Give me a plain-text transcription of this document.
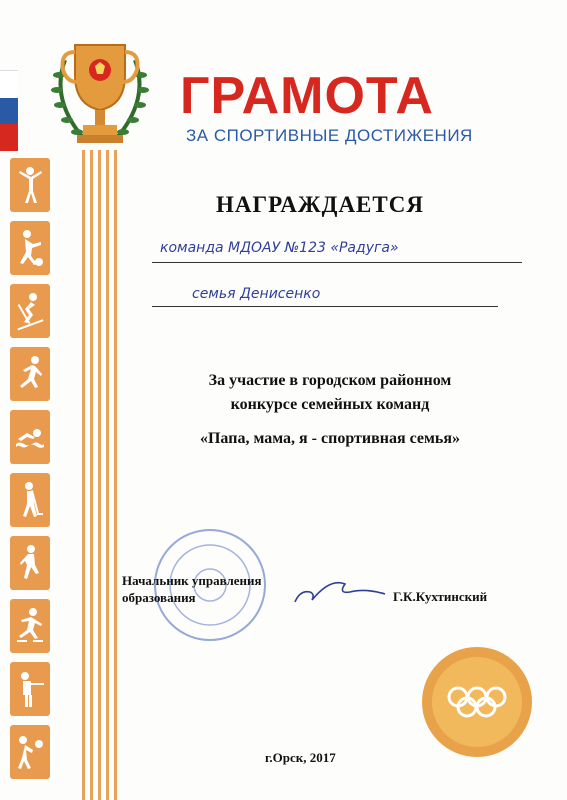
ГРАМОТА
ЗА СПОРТИВНЫЕ ДОСТИЖЕНИЯ
НАГРАЖДАЕТСЯ
команда МДОАУ №123 «Радуга»
семья Денисенко
За участие в городском районном
конкурсе семейных команд
«Папа, мама, я - спортивная семья»
Начальник управления
образования	Г.К.Кухтинский
г.Орск, 2017
